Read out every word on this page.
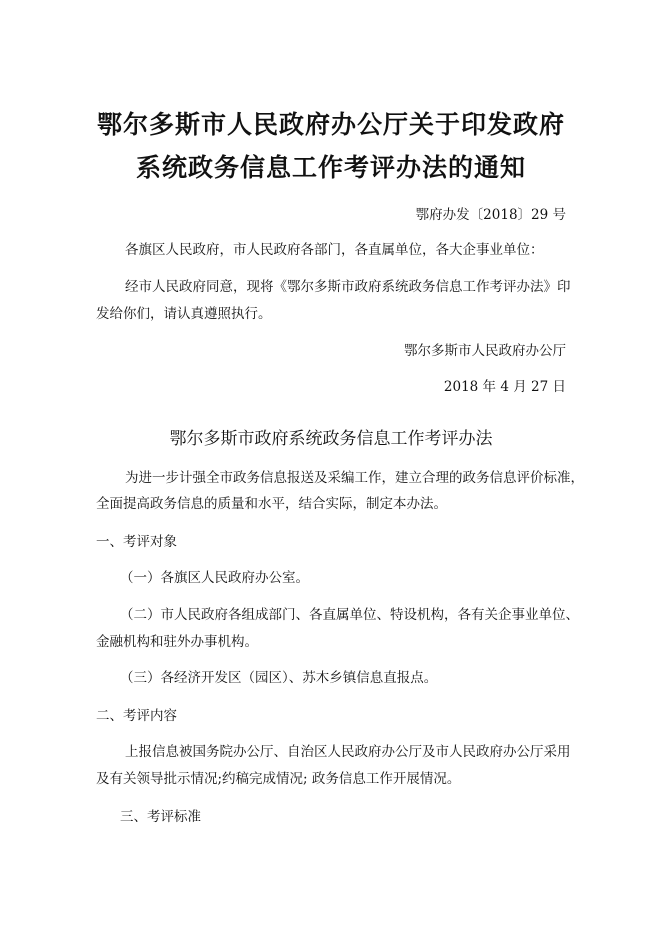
鄂尔多斯市人民政府办公厅关于印发政府
系统政务信息工作考评办法的通知
鄂府办发〔2018〕29 号
各旗区人民政府，市人民政府各部门，各直属单位，各大企事业单位：
经市人民政府同意，现将《鄂尔多斯市政府系统政务信息工作考评办法》印
发给你们，请认真遵照执行。
鄂尔多斯市人民政府办公厅
2018 年 4 月 27 日
鄂尔多斯市政府系统政务信息工作考评办法
为进一步计强全市政务信息报送及采编工作，建立合理的政务信息评价标准，
全面提高政务信息的质量和水平，结合实际，制定本办法。
一、考评对象
（一）各旗区人民政府办公室。
（二）市人民政府各组成部门、各直属单位、特设机构，各有关企事业单位、
金融机构和驻外办事机构。
（三）各经济开发区（园区）、苏木乡镇信息直报点。
二、考评内容
上报信息被国务院办公厅、自治区人民政府办公厅及市人民政府办公厅采用
及有关领导批示情况;约稿完成情况; 政务信息工作开展情况。
三、考评标准
